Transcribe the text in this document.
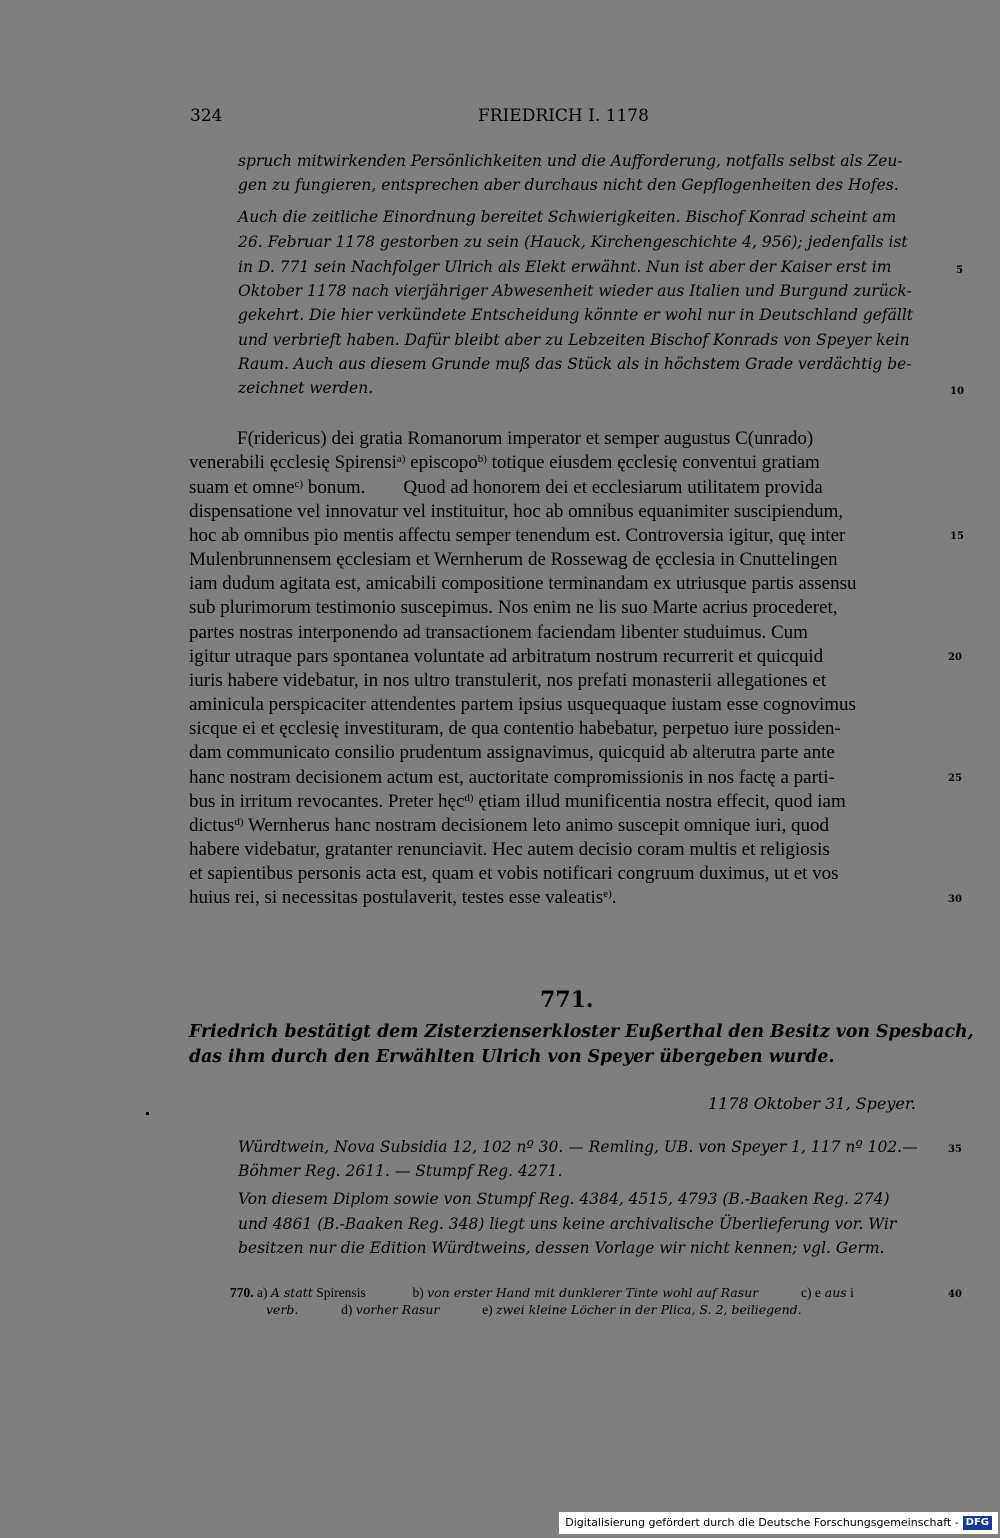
324	FRIEDRICH I. 1178
spruch mitwirkenden Persönlichkeiten und die Aufforderung, notfalls selbst als Zeu-
gen zu fungieren, entsprechen aber durchaus nicht den Gepflogenheiten des Hofes.
Auch die zeitliche Einordnung bereitet Schwierigkeiten. Bischof Konrad scheint am
26. Februar 1178 gestorben zu sein (Hauck, Kirchengeschichte 4, 956); jedenfalls ist
in D. 771 sein Nachfolger Ulrich als Elekt erwähnt. Nun ist aber der Kaiser erst im
Oktober 1178 nach vierjähriger Abwesenheit wieder aus Italien und Burgund zurück-
gekehrt. Die hier verkündete Entscheidung könnte er wohl nur in Deutschland gefällt
und verbrieft haben. Dafür bleibt aber zu Lebzeiten Bischof Konrads von Speyer kein
Raum. Auch aus diesem Grunde muß das Stück als in höchstem Grade verdächtig be-
zeichnet werden.
F(ridericus) dei gratia Romanorum imperator et semper augustus C(unrado)
venerabili ęcclesię Spirensi$^{a)}$ episcopo$^{b)}$ totique eiusdem ęcclesię conventui gratiam
suam et omne$^{c)}$ bonum.        Quod ad honorem dei et ecclesiarum utilitatem provida
dispensatione vel innovatur vel instituitur, hoc ab omnibus equanimiter suscipiendum,
hoc ab omnibus pio mentis affectu semper tenendum est. Controversia igitur, quę inter
Mulenbrunnensem ęcclesiam et Wernherum de Rossewag de ęcclesia in Cnuttelingen
iam dudum agitata est, amicabili compositione terminandam ex utriusque partis assensu
sub plurimorum testimonio suscepimus. Nos enim ne lis suo Marte acrius procederet,
partes nostras interponendo ad transactionem faciendam libenter studuimus. Cum
igitur utraque pars spontanea voluntate ad arbitratum nostrum recurrerit et quicquid
iuris habere videbatur, in nos ultro transtulerit, nos prefati monasterii allegationes et
aminicula perspicaciter attendentes partem ipsius usquequaque iustam esse cognovimus
sicque ei et ęcclesię investituram, de qua contentio habebatur, perpetuo iure possiden-
dam communicato consilio prudentum assignavimus, quicquid ab alterutra parte ante
hanc nostram decisionem actum est, auctoritate compromissionis in nos factę a parti-
bus in irritum revocantes. Preter hęc$^{d)}$ ętiam illud munificentia nostra effecit, quod iam
dictus$^{d)}$ Wernherus hanc nostram decisionem leto animo suscepit omnique iuri, quod
habere videbatur, gratanter renunciavit. Hec autem decisio coram multis et religiosis
et sapientibus personis acta est, quam et vobis notificari congruum duximus, ut et vos
huius rei, si necessitas postulaverit, testes esse valeatis$^{e)}$.
5
10
15
20
25
30
35
40
771.
Friedrich bestätigt dem Zisterzienserkloster Eußerthal den Besitz von Spesbach,
das ihm durch den Erwählten Ulrich von Speyer übergeben wurde.
1178 Oktober 31, Speyer.
Würdtwein, Nova Subsidia 12, 102 nº 30. — Remling, UB. von Speyer 1, 117 nº 102.—
Böhmer Reg. 2611. — Stumpf Reg. 4271.
Von diesem Diplom sowie von Stumpf Reg. 4384, 4515, 4793 (B.-Baaken Reg. 274)
und 4861 (B.-Baaken Reg. 348) liegt uns keine archivalische Überlieferung vor. Wir
besitzen nur die Edition Würdtweins, dessen Vorlage wir nicht kennen; vgl. Germ.
770. a) A statt Spirensis	b) von erster Hand mit dunklerer Tinte wohl auf Rasur	c) e aus i
verb.	d) vorher Rasur	e) zwei kleine Löcher in der Plica, S. 2, beiliegend.
Digitalisierung gefördert durch die Deutsche Forschungsgemeinschaft - DFG
